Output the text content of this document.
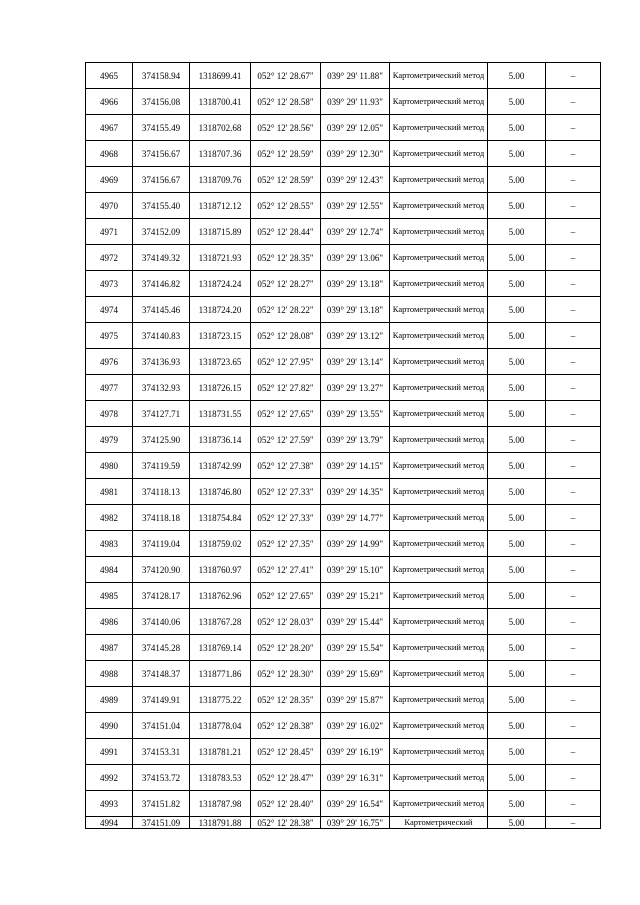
4965	374158.94	1318699.41	052° 12' 28.67"	039° 29' 11.88"	Картометрический метод	5.00	–
4966	374156.08	1318700.41	052° 12' 28.58"	039° 29' 11.93"	Картометрический метод	5.00	–
4967	374155.49	1318702.68	052° 12' 28.56"	039° 29' 12.05"	Картометрический метод	5.00	–
4968	374156.67	1318707.36	052° 12' 28.59"	039° 29' 12.30"	Картометрический метод	5.00	–
4969	374156.67	1318709.76	052° 12' 28.59"	039° 29' 12.43"	Картометрический метод	5.00	–
4970	374155.40	1318712.12	052° 12' 28.55"	039° 29' 12.55"	Картометрический метод	5.00	–
4971	374152.09	1318715.89	052° 12' 28.44"	039° 29' 12.74"	Картометрический метод	5.00	–
4972	374149.32	1318721.93	052° 12' 28.35"	039° 29' 13.06"	Картометрический метод	5.00	–
4973	374146.82	1318724.24	052° 12' 28.27"	039° 29' 13.18"	Картометрический метод	5.00	–
4974	374145.46	1318724.20	052° 12' 28.22"	039° 29' 13.18"	Картометрический метод	5.00	–
4975	374140.83	1318723.15	052° 12' 28.08"	039° 29' 13.12"	Картометрический метод	5.00	–
4976	374136.93	1318723.65	052° 12' 27.95"	039° 29' 13.14"	Картометрический метод	5.00	–
4977	374132.93	1318726.15	052° 12' 27.82"	039° 29' 13.27"	Картометрический метод	5.00	–
4978	374127.71	1318731.55	052° 12' 27.65"	039° 29' 13.55"	Картометрический метод	5.00	–
4979	374125.90	1318736.14	052° 12' 27.59"	039° 29' 13.79"	Картометрический метод	5.00	–
4980	374119.59	1318742.99	052° 12' 27.38"	039° 29' 14.15"	Картометрический метод	5.00	–
4981	374118.13	1318746.80	052° 12' 27.33"	039° 29' 14.35"	Картометрический метод	5.00	–
4982	374118.18	1318754.84	052° 12' 27.33"	039° 29' 14.77"	Картометрический метод	5.00	–
4983	374119.04	1318759.02	052° 12' 27.35"	039° 29' 14.99"	Картометрический метод	5.00	–
4984	374120.90	1318760.97	052° 12' 27.41"	039° 29' 15.10"	Картометрический метод	5.00	–
4985	374128.17	1318762.96	052° 12' 27.65"	039° 29' 15.21"	Картометрический метод	5.00	–
4986	374140.06	1318767.28	052° 12' 28.03"	039° 29' 15.44"	Картометрический метод	5.00	–
4987	374145.28	1318769.14	052° 12' 28.20"	039° 29' 15.54"	Картометрический метод	5.00	–
4988	374148.37	1318771.86	052° 12' 28.30"	039° 29' 15.69"	Картометрический метод	5.00	–
4989	374149.91	1318775.22	052° 12' 28.35"	039° 29' 15.87"	Картометрический метод	5.00	–
4990	374151.04	1318778.04	052° 12' 28.38"	039° 29' 16.02"	Картометрический метод	5.00	–
4991	374153.31	1318781.21	052° 12' 28.45"	039° 29' 16.19"	Картометрический метод	5.00	–
4992	374153.72	1318783.53	052° 12' 28.47"	039° 29' 16.31"	Картометрический метод	5.00	–
4993	374151.82	1318787.98	052° 12' 28.40"	039° 29' 16.54"	Картометрический метод	5.00	–
4994	374151.09	1318791.88	052° 12' 28.38"	039° 29' 16.75"	Картометрический	5.00	–
